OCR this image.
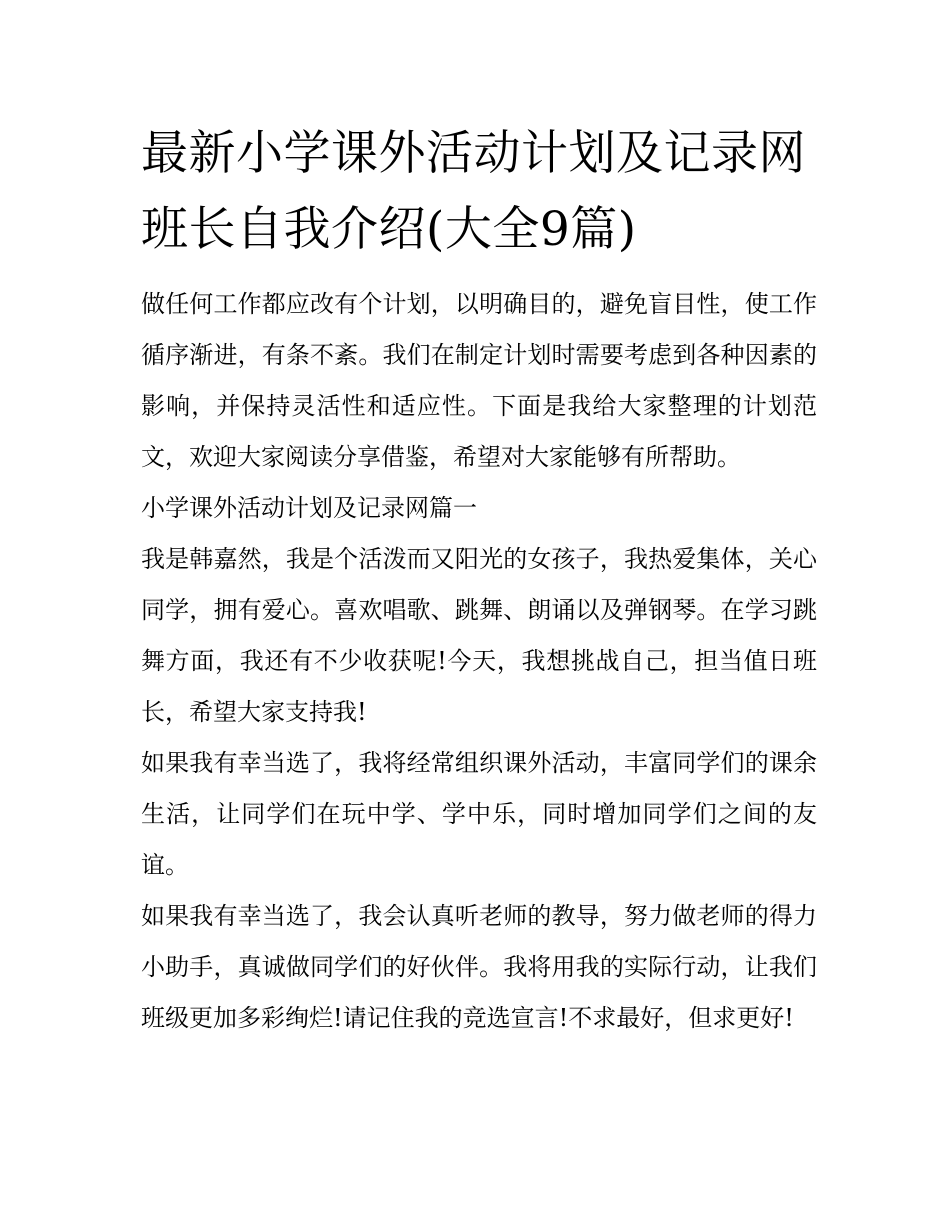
最新小学课外活动计划及记录网 班长自我介绍(大全9篇)

做任何工作都应改有个计划，以明确目的，避免盲目性，使工作循序渐进，有条不紊。我们在制定计划时需要考虑到各种因素的影响，并保持灵活性和适应性。下面是我给大家整理的计划范文，欢迎大家阅读分享借鉴，希望对大家能够有所帮助。

小学课外活动计划及记录网篇一

我是韩嘉然，我是个活泼而又阳光的女孩子，我热爱集体，关心同学，拥有爱心。喜欢唱歌、跳舞、朗诵以及弹钢琴。在学习跳舞方面，我还有不少收获呢!今天，我想挑战自己，担当值日班长，希望大家支持我!

如果我有幸当选了，我将经常组织课外活动，丰富同学们的课余生活，让同学们在玩中学、学中乐，同时增加同学们之间的友谊。

如果我有幸当选了，我会认真听老师的教导，努力做老师的得力小助手，真诚做同学们的好伙伴。我将用我的实际行动，让我们班级更加多彩绚烂!请记住我的竞选宣言!不求最好，但求更好!
